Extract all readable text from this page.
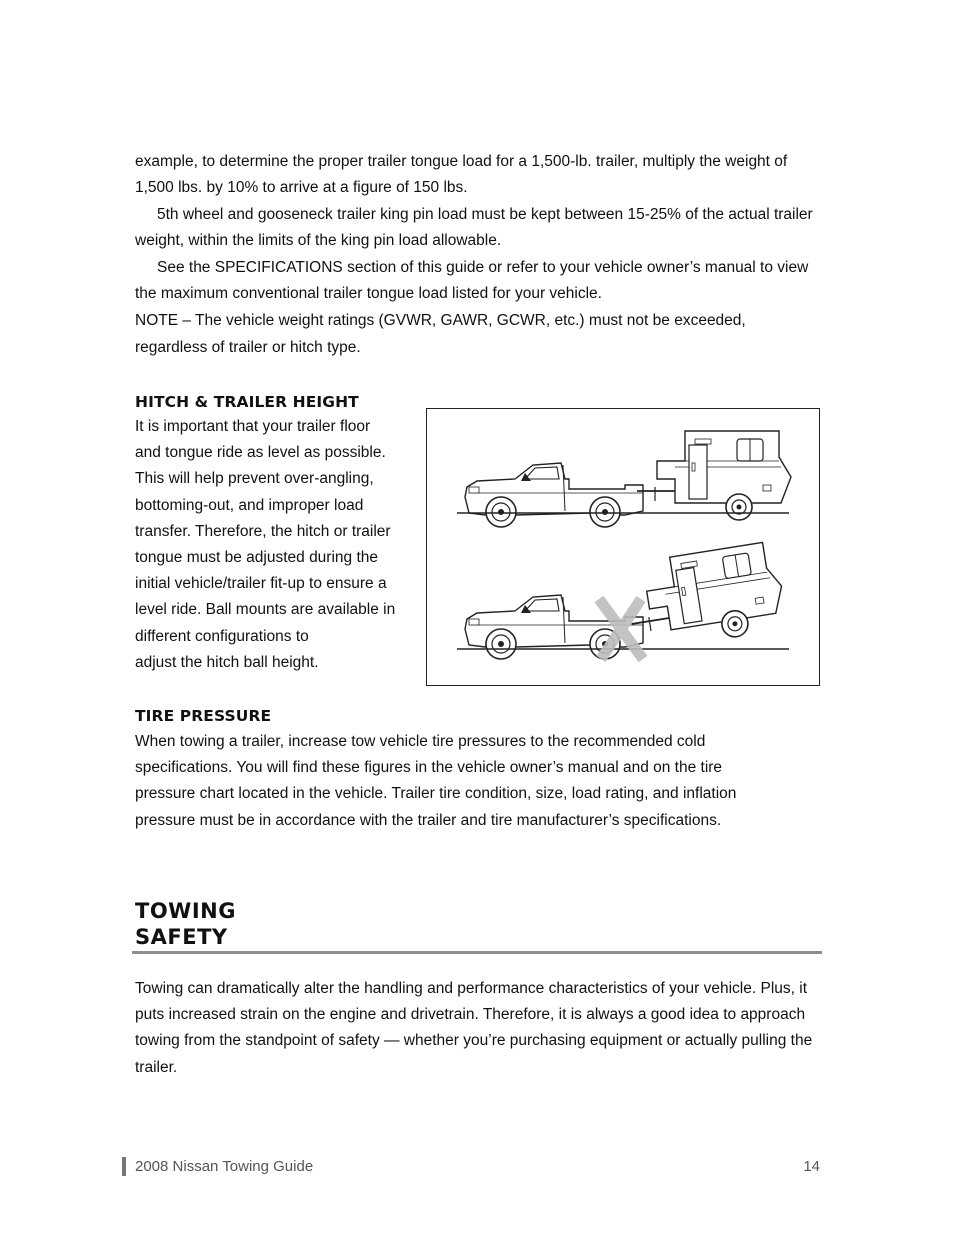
example, to determine the proper trailer tongue load for a 1,500-lb. trailer, multiply the weight of 1,500 lbs. by 10% to arrive at a figure of 150 lbs.
5th wheel and gooseneck trailer king pin load must be kept between 15-25% of the actual trailer weight, within the limits of the king pin load allowable.
See the SPECIFICATIONS section of this guide or refer to your vehicle owner’s manual to view the maximum conventional trailer tongue load listed for your vehicle.
NOTE – The vehicle weight ratings (GVWR, GAWR, GCWR, etc.) must not be exceeded, regardless of trailer or hitch type.
HITCH & TRAILER HEIGHT
It is important that your trailer floor
and tongue ride as level as possible.
This will help prevent over-angling,
bottoming-out, and improper load
transfer. Therefore, the hitch or trailer
tongue must be adjusted during the
initial vehicle/trailer fit-up to ensure a
level ride. Ball mounts are available in
different configurations to
adjust the hitch ball height.
TIRE PRESSURE
When towing a trailer, increase tow vehicle tire pressures to the recommended cold specifications. You will find these figures in the vehicle owner’s manual and on the tire pressure chart located in the vehicle. Trailer tire condition, size, load rating, and inflation pressure must be in accordance with the trailer and tire manufacturer’s specifications.
TOWING
SAFETY
Towing can dramatically alter the handling and performance characteristics of your vehicle. Plus, it puts increased strain on the engine and drivetrain. Therefore, it is always a good idea to approach towing from the standpoint of safety — whether you’re purchasing equipment or actually pulling the trailer.
2008 Nissan Towing Guide	14
